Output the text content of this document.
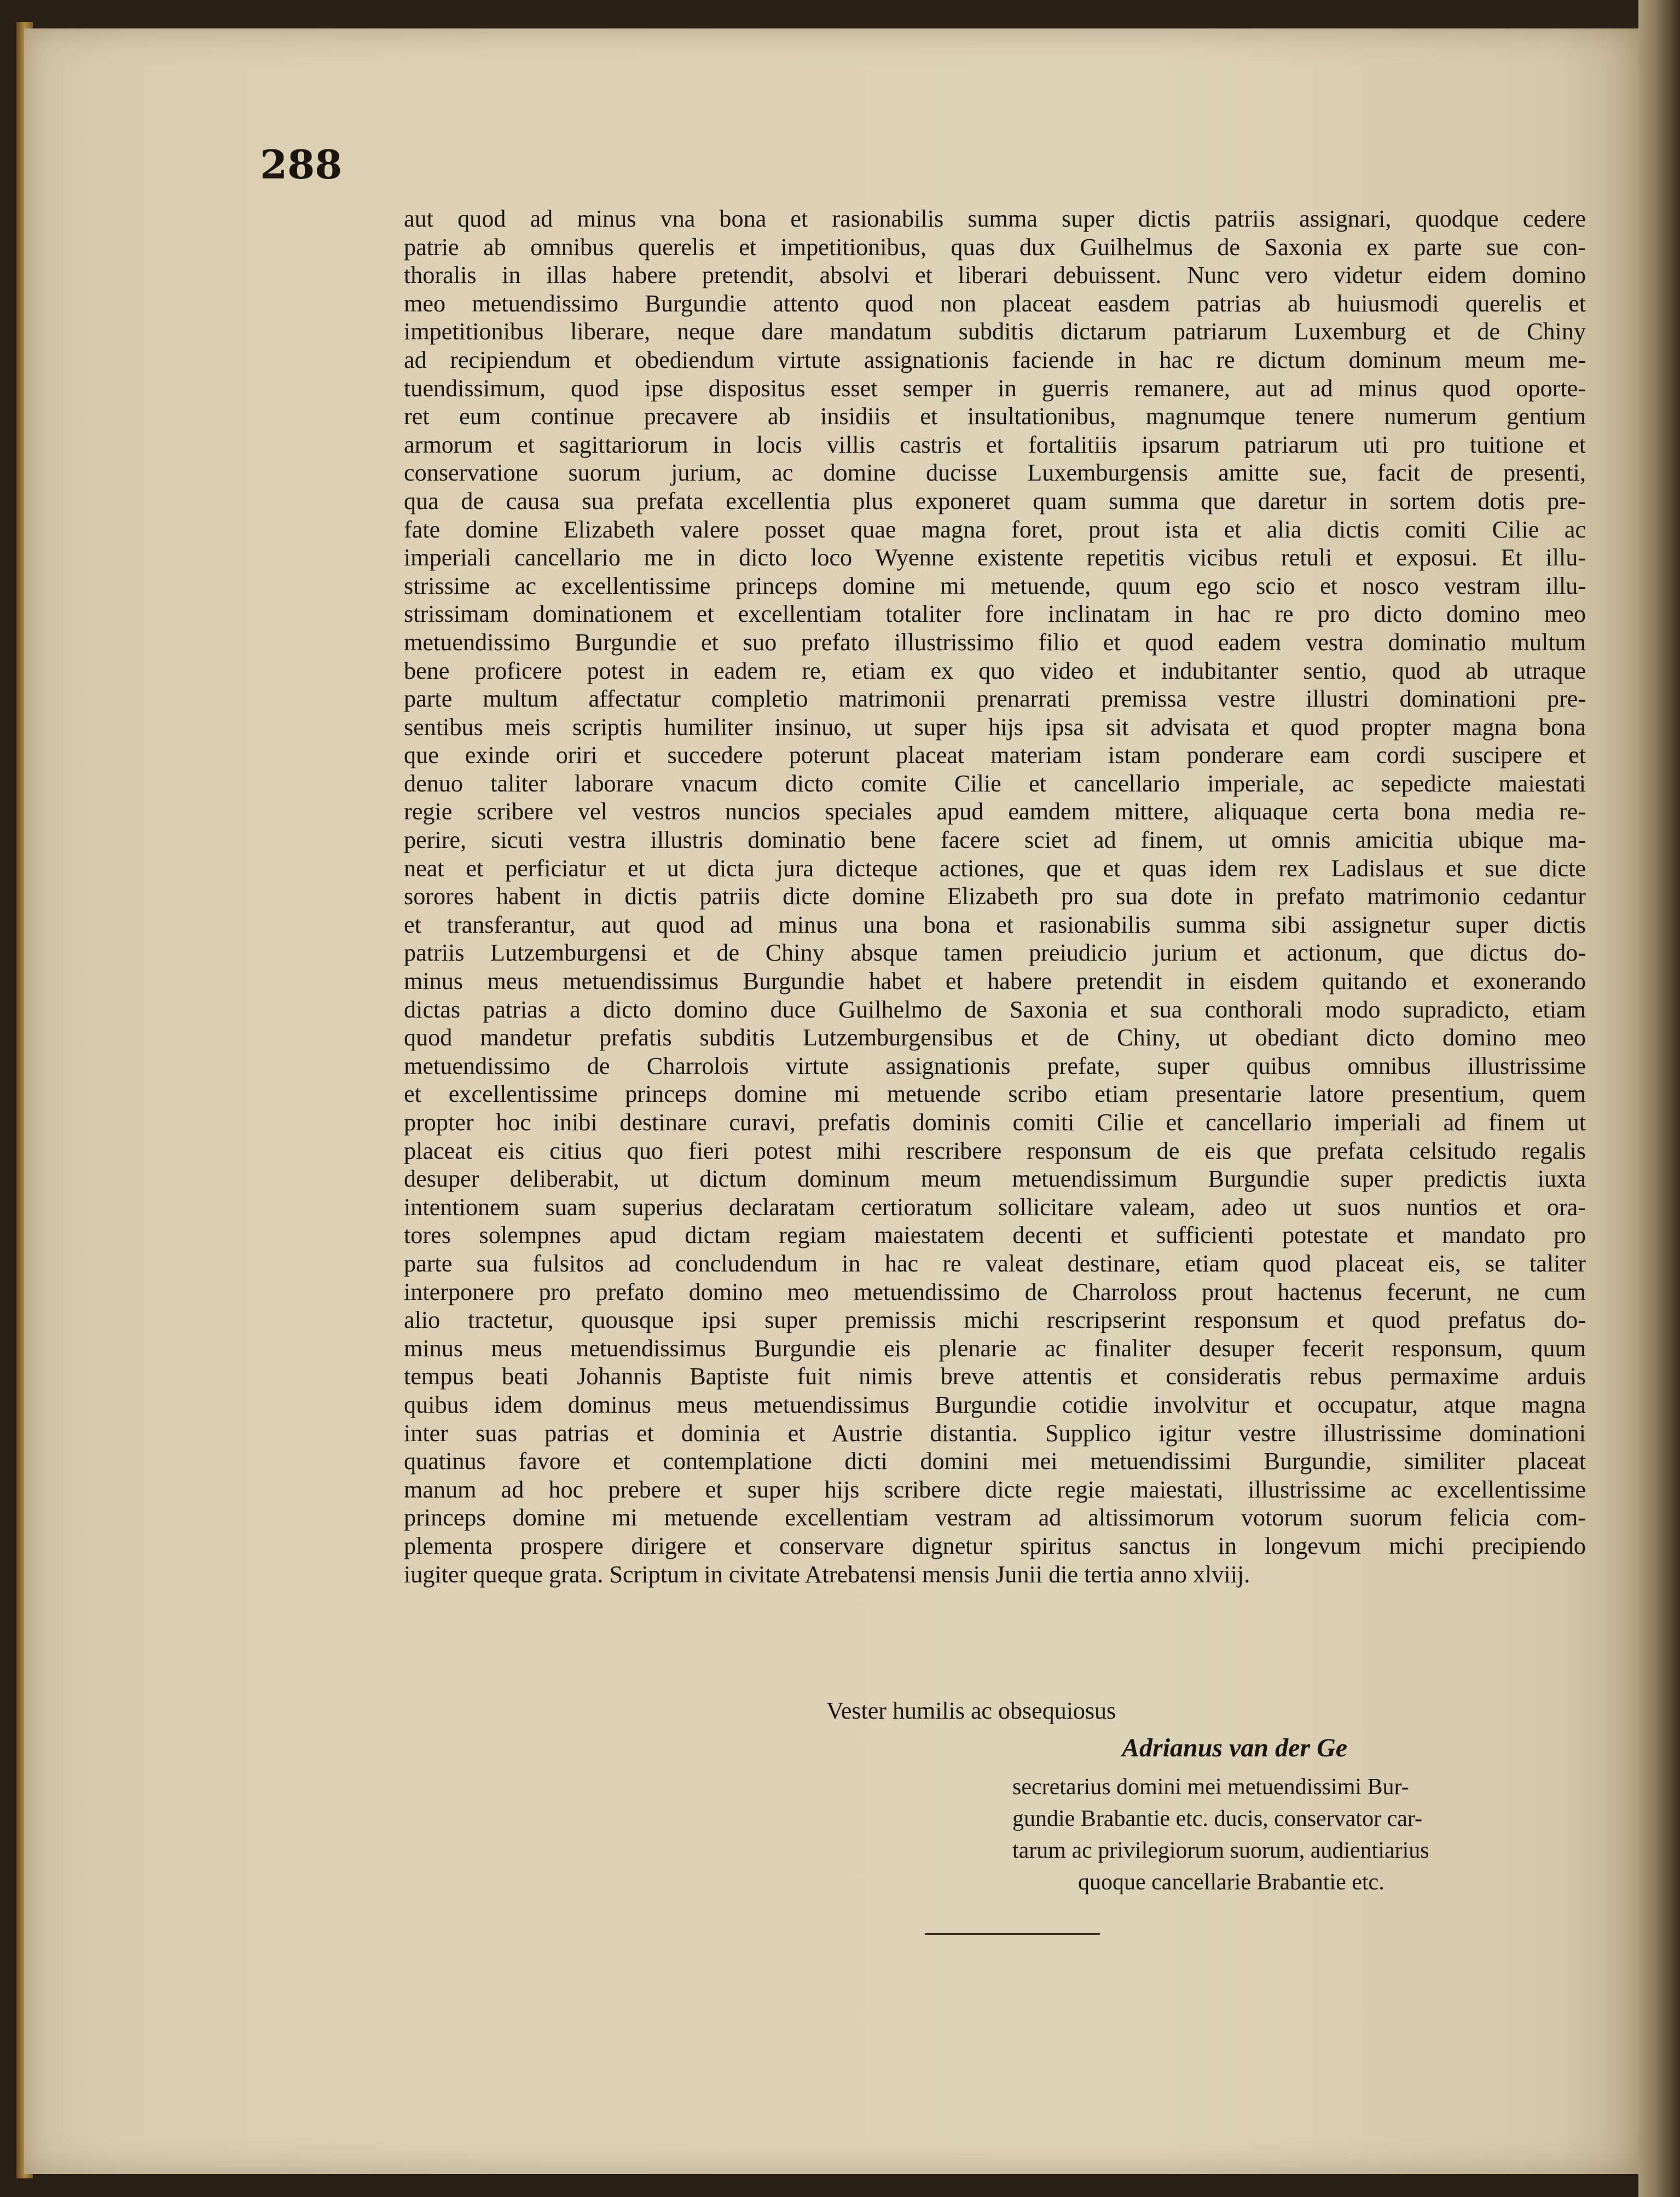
288
aut quod ad minus vna bona et rasionabilis summa super dictis patriis assignari, quodque cedere
patrie ab omnibus querelis et impetitionibus, quas dux Guilhelmus de Saxonia ex parte sue con-
thoralis in illas habere pretendit, absolvi et liberari debuissent. Nunc vero videtur eidem domino
meo metuendissimo Burgundie attento quod non placeat easdem patrias ab huiusmodi querelis et
impetitionibus liberare, neque dare mandatum subditis dictarum patriarum Luxemburg et de Chiny
ad recipiendum et obediendum virtute assignationis faciende in hac re dictum dominum meum me-
tuendissimum, quod ipse dispositus esset semper in guerris remanere, aut ad minus quod oporte-
ret eum continue precavere ab insidiis et insultationibus, magnumque tenere numerum gentium
armorum et sagittariorum in locis villis castris et fortalitiis ipsarum patriarum uti pro tuitione et
conservatione suorum jurium, ac domine ducisse Luxemburgensis amitte sue, facit de presenti,
qua de causa sua prefata excellentia plus exponeret quam summa que daretur in sortem dotis pre-
fate domine Elizabeth valere posset quae magna foret, prout ista et alia dictis comiti Cilie ac
imperiali cancellario me in dicto loco Wyenne existente repetitis vicibus retuli et exposui. Et illu-
strissime ac excellentissime princeps domine mi metuende, quum ego scio et nosco vestram illu-
strissimam dominationem et excellentiam totaliter fore inclinatam in hac re pro dicto domino meo
metuendissimo Burgundie et suo prefato illustrissimo filio et quod eadem vestra dominatio multum
bene proficere potest in eadem re, etiam ex quo video et indubitanter sentio, quod ab utraque
parte multum affectatur completio matrimonii prenarrati premissa vestre illustri dominationi pre-
sentibus meis scriptis humiliter insinuo, ut super hijs ipsa sit advisata et quod propter magna bona
que exinde oriri et succedere poterunt placeat materiam istam ponderare eam cordi suscipere et
denuo taliter laborare vnacum dicto comite Cilie et cancellario imperiale, ac sepedicte maiestati
regie scribere vel vestros nuncios speciales apud eamdem mittere, aliquaque certa bona media re-
perire, sicuti vestra illustris dominatio bene facere sciet ad finem, ut omnis amicitia ubique ma-
neat et perficiatur et ut dicta jura dicteque actiones, que et quas idem rex Ladislaus et sue dicte
sorores habent in dictis patriis dicte domine Elizabeth pro sua dote in prefato matrimonio cedantur
et transferantur, aut quod ad minus una bona et rasionabilis summa sibi assignetur super dictis
patriis Lutzemburgensi et de Chiny absque tamen preiudicio jurium et actionum, que dictus do-
minus meus metuendissimus Burgundie habet et habere pretendit in eisdem quitando et exonerando
dictas patrias a dicto domino duce Guilhelmo de Saxonia et sua conthorali modo supradicto, etiam
quod mandetur prefatis subditis Lutzemburgensibus et de Chiny, ut obediant dicto domino meo
metuendissimo de Charrolois virtute assignationis prefate, super quibus omnibus illustrissime
et excellentissime princeps domine mi metuende scribo etiam presentarie latore presentium, quem
propter hoc inibi destinare curavi, prefatis dominis comiti Cilie et cancellario imperiali ad finem ut
placeat eis citius quo fieri potest mihi rescribere responsum de eis que prefata celsitudo regalis
desuper deliberabit, ut dictum dominum meum metuendissimum Burgundie super predictis iuxta
intentionem suam superius declaratam certioratum sollicitare valeam, adeo ut suos nuntios et ora-
tores solempnes apud dictam regiam maiestatem decenti et sufficienti potestate et mandato pro
parte sua fulsitos ad concludendum in hac re valeat destinare, etiam quod placeat eis, se taliter
interponere pro prefato domino meo metuendissimo de Charroloss prout hactenus fecerunt, ne cum
alio tractetur, quousque ipsi super premissis michi rescripserint responsum et quod prefatus do-
minus meus metuendissimus Burgundie eis plenarie ac finaliter desuper fecerit responsum, quum
tempus beati Johannis Baptiste fuit nimis breve attentis et consideratis rebus permaxime arduis
quibus idem dominus meus metuendissimus Burgundie cotidie involvitur et occupatur, atque magna
inter suas patrias et dominia et Austrie distantia. Supplico igitur vestre illustrissime dominationi
quatinus favore et contemplatione dicti domini mei metuendissimi Burgundie, similiter placeat
manum ad hoc prebere et super hijs scribere dicte regie maiestati, illustrissime ac excellentissime
princeps domine mi metuende excellentiam vestram ad altissimorum votorum suorum felicia com-
plementa prospere dirigere et conservare dignetur spiritus sanctus in longevum michi precipiendo
iugiter queque grata. Scriptum in civitate Atrebatensi mensis Junii die tertia anno xlviij.
Vester humilis ac obsequiosus
Adrianus van der Ge
secretarius domini mei metuendissimi Bur-
gundie Brabantie etc. ducis, conservator car-
tarum ac privilegiorum suorum, audientiarius
quoque cancellarie Brabantie etc.
